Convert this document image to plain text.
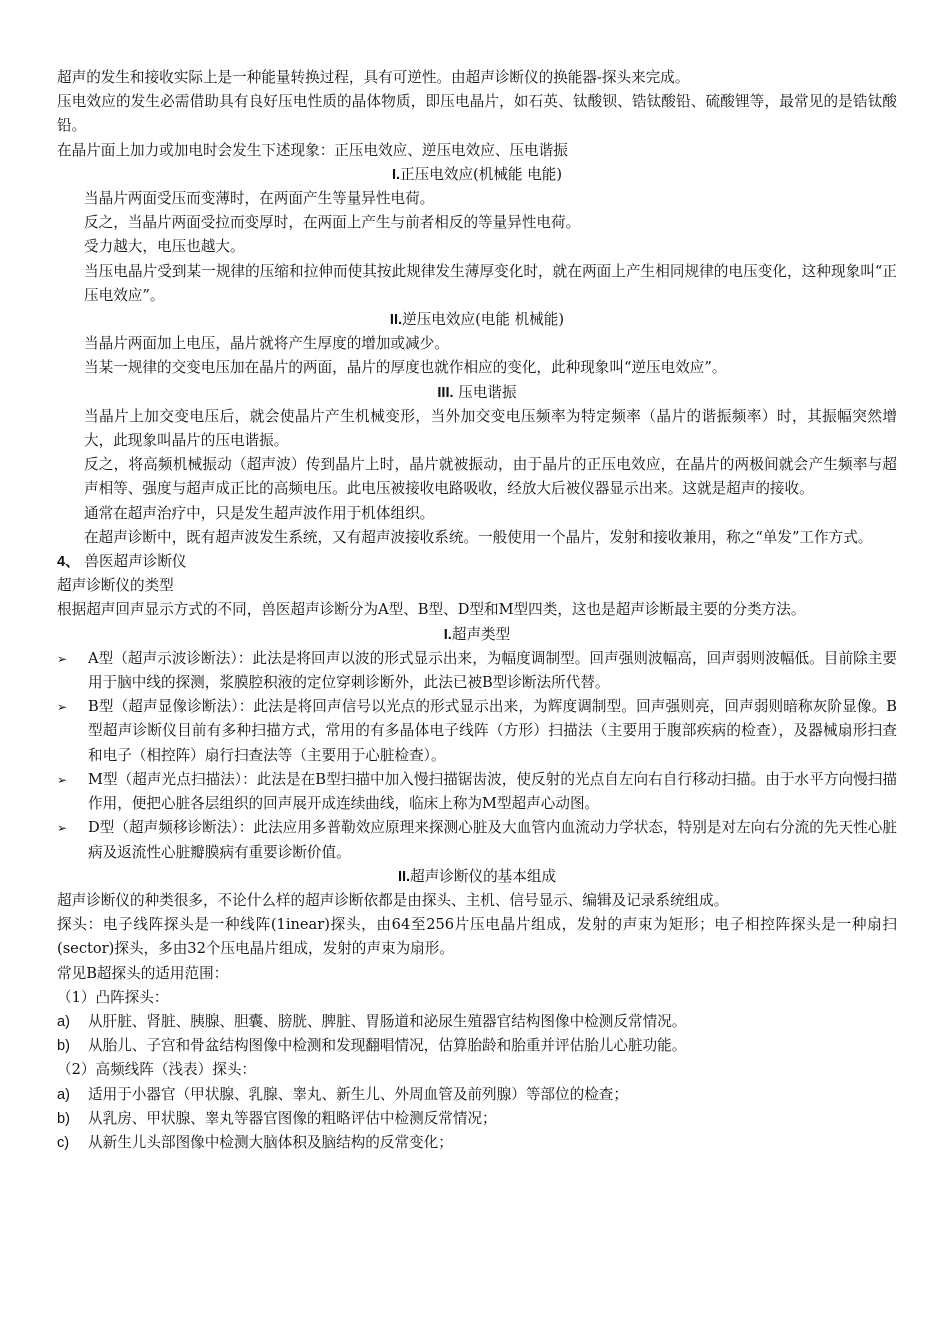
超声的发生和接收实际上是一种能量转换过程，具有可逆性。由超声诊断仪的换能器-探头来完成。

压电效应的发生必需借助具有良好压电性质的晶体物质，即压电晶片，如石英、钛酸钡、锆钛酸铅、硫酸锂等，最常见的是锆钛酸铅。

在晶片面上加力或加电时会发生下述现象：正压电效应、逆压电效应、压电谐振

I.正压电效应(机械能 电能)

当晶片两面受压而变薄时，在两面产生等量异性电荷。

反之，当晶片两面受拉而变厚时，在两面上产生与前者相反的等量异性电荷。

受力越大，电压也越大。

当压电晶片受到某一规律的压缩和拉伸而使其按此规律发生薄厚变化时，就在两面上产生相同规律的电压变化，这种现象叫“正压电效应”。

II.逆压电效应(电能 机械能)

当晶片两面加上电压，晶片就将产生厚度的增加或减少。

当某一规律的交变电压加在晶片的两面，晶片的厚度也就作相应的变化，此种现象叫“逆压电效应”。

III. 压电谐振

当晶片上加交变电压后，就会使晶片产生机械变形，当外加交变电压频率为特定频率（晶片的谐振频率）时，其振幅突然增大，此现象叫晶片的压电谐振。

反之，将高频机械振动（超声波）传到晶片上时，晶片就被振动，由于晶片的正压电效应，在晶片的两极间就会产生频率与超声相等、强度与超声成正比的高频电压。此电压被接收电路吸收，经放大后被仪器显示出来。这就是超声的接收。

通常在超声治疗中，只是发生超声波作用于机体组织。

在超声诊断中，既有超声波发生系统，又有超声波接收系统。一般使用一个晶片，发射和接收兼用，称之“单发”工作方式。

4、 兽医超声诊断仪

超声诊断仪的类型

根据超声回声显示方式的不同，兽医超声诊断分为A型、B型、D型和M型四类，这也是超声诊断最主要的分类方法。

I.超声类型

➢ A型（超声示波诊断法）：此法是将回声以波的形式显示出来，为幅度调制型。回声强则波幅高，回声弱则波幅低。目前除主要用于脑中线的探测，浆膜腔积液的定位穿刺诊断外，此法已被B型诊断法所代替。
➢ B型（超声显像诊断法）：此法是将回声信号以光点的形式显示出来，为辉度调制型。回声强则亮，回声弱则暗称灰阶显像。B型超声诊断仪目前有多种扫描方式，常用的有多晶体电子线阵（方形）扫描法（主要用于腹部疾病的检查），及器械扇形扫查和电子（相控阵）扇行扫查法等（主要用于心脏检查）。
➢ M型（超声光点扫描法）：此法是在B型扫描中加入慢扫描锯齿波，使反射的光点自左向右自行移动扫描。由于水平方向慢扫描作用，便把心脏各层组织的回声展开成连续曲线，临床上称为M型超声心动图。
➢ D型（超声频移诊断法）：此法应用多普勒效应原理来探测心脏及大血管内血流动力学状态，特别是对左向右分流的先天性心脏病及返流性心脏瓣膜病有重要诊断价值。

II.超声诊断仪的基本组成

超声诊断仪的种类很多，不论什么样的超声诊断依都是由探头、主机、信号显示、编辑及记录系统组成。

探头：电子线阵探头是一种线阵(1inear)探头，由64至256片压电晶片组成，发射的声束为矩形；电子相控阵探头是一种扇扫(sector)探头，多由32个压电晶片组成，发射的声束为扇形。

常见B超探头的适用范围：

（1）凸阵探头：

a) 从肝脏、肾脏、胰腺、胆囊、膀胱、脾脏、胃肠道和泌尿生殖器官结构图像中检测反常情况。
b) 从胎儿、子宫和骨盆结构图像中检测和发现翻唱情况，估算胎龄和胎重并评估胎儿心脏功能。

（2）高频线阵（浅表）探头：

a) 适用于小器官（甲状腺、乳腺、睾丸、新生儿、外周血管及前列腺）等部位的检查；
b) 从乳房、甲状腺、睾丸等器官图像的粗略评估中检测反常情况；
c) 从新生儿头部图像中检测大脑体积及脑结构的反常变化；
